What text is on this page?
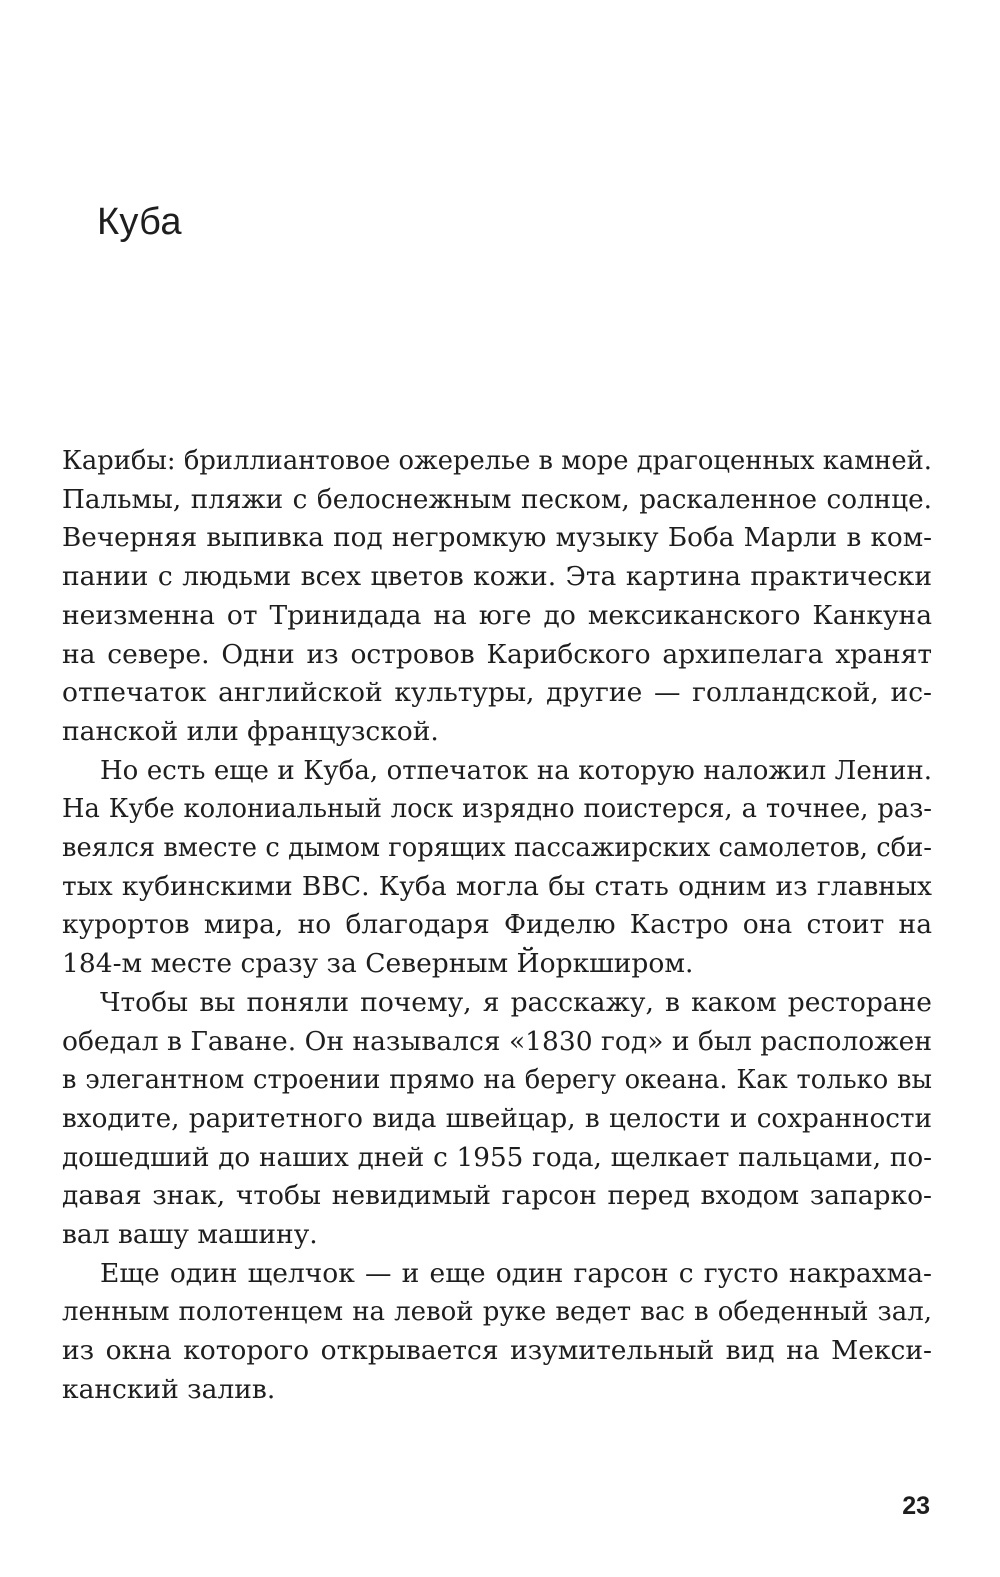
Куба

Карибы: бриллиантовое ожерелье в море драгоценных камней.
Пальмы, пляжи с белоснежным песком, раскаленное солнце.
Вечерняя выпивка под негромкую музыку Боба Марли в ком-
пании с людьми всех цветов кожи. Эта картина практически
неизменна от Тринидада на юге до мексиканского Канкуна
на севере. Одни из островов Карибского архипелага хранят
отпечаток английской культуры, другие — голландской, ис-
панской или французской.

Но есть еще и Куба, отпечаток на которую наложил Ленин.
На Кубе колониальный лоск изрядно поистерся, а точнее, раз-
веялся вместе с дымом горящих пассажирских самолетов, сби-
тых кубинскими ВВС. Куба могла бы стать одним из главных
курортов мира, но благодаря Фиделю Кастро она стоит на
184-м месте сразу за Северным Йоркширом.

Чтобы вы поняли почему, я расскажу, в каком ресторане
обедал в Гаване. Он назывался «1830 год» и был расположен
в элегантном строении прямо на берегу океана. Как только вы
входите, раритетного вида швейцар, в целости и сохранности
дошедший до наших дней с 1955 года, щелкает пальцами, по-
давая знак, чтобы невидимый гарсон перед входом запарко-
вал вашу машину.

Еще один щелчок — и еще один гарсон с густо накрахма-
ленным полотенцем на левой руке ведет вас в обеденный зал,
из окна которого открывается изумительный вид на Мекси-
канский залив.

23
